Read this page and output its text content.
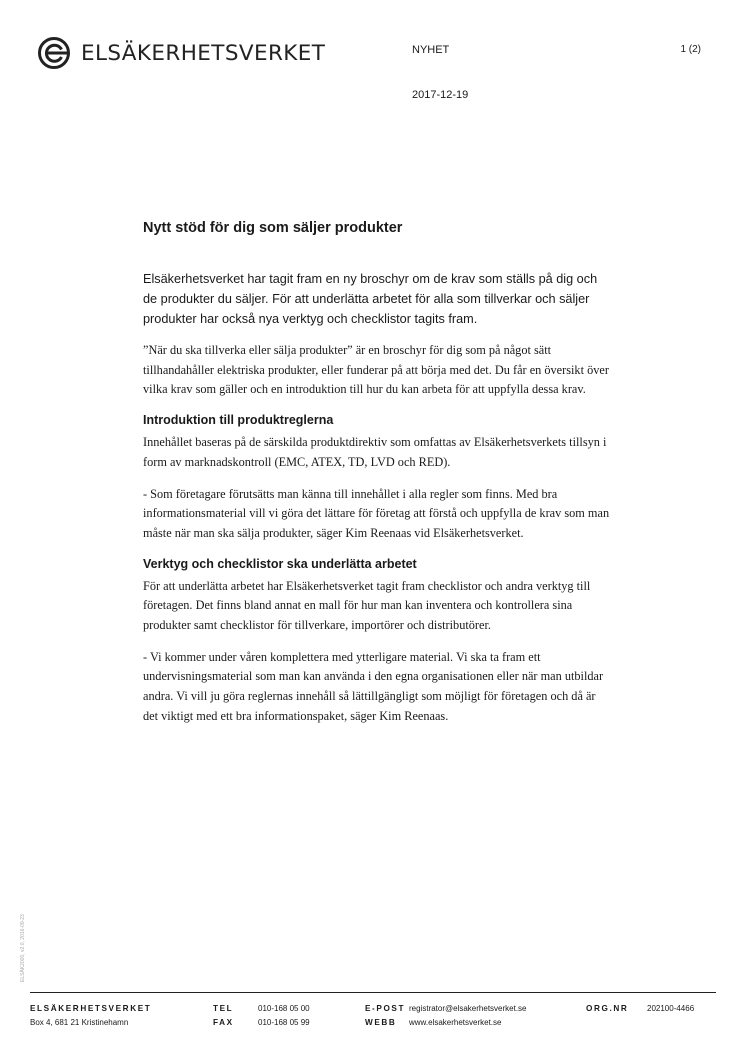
ELSÄKERHETSVERKET	NYHET	1 (2)
2017-12-19
Nytt stöd för dig som säljer produkter

Elsäkerhetsverket har tagit fram en ny broschyr om de krav som ställs på dig och de produkter du säljer. För att underlätta arbetet för alla som tillverkar och säljer produkter har också nya verktyg och checklistor tagits fram.

”När du ska tillverka eller sälja produkter” är en broschyr för dig som på något sätt tillhandahåller elektriska produkter, eller funderar på att börja med det. Du får en översikt över vilka krav som gäller och en introduktion till hur du kan arbeta för att uppfylla dessa krav.

Introduktion till produktreglerna

Innehållet baseras på de särskilda produktdirektiv som omfattas av Elsäkerhetsverkets tillsyn i form av marknadskontroll (EMC, ATEX, TD, LVD och RED).

- Som företagare förutsätts man känna till innehållet i alla regler som finns. Med bra informationsmaterial vill vi göra det lättare för företag att förstå och uppfylla de krav som man måste när man ska sälja produkter, säger Kim Reenaas vid Elsäkerhetsverket.

Verktyg och checklistor ska underlätta arbetet

För att underlätta arbetet har Elsäkerhetsverket tagit fram checklistor och andra verktyg till företagen. Det finns bland annat en mall för hur man kan inventera och kontrollera sina produkter samt checklistor för tillverkare, importörer och distributörer.

- Vi kommer under våren komplettera med ytterligare material. Vi ska ta fram ett undervisningsmaterial som man kan använda i den egna organisationen eller när man utbildar andra. Vi vill ju göra reglernas innehåll så lättillgängligt som möjligt för företagen och då är det viktigt med ett bra informationspaket, säger Kim Reenaas.

ELSÄK2000, v2.0, 2016-09-23
ELSÄKERHETSVERKET
Box 4, 681 21 Kristinehamn
TEL	010-168 05 00
FAX	010-168 05 99
E-POST registrator@elsakerhetsverket.se
WEBB www.elsakerhetsverket.se
ORG.NR 202100-4466
